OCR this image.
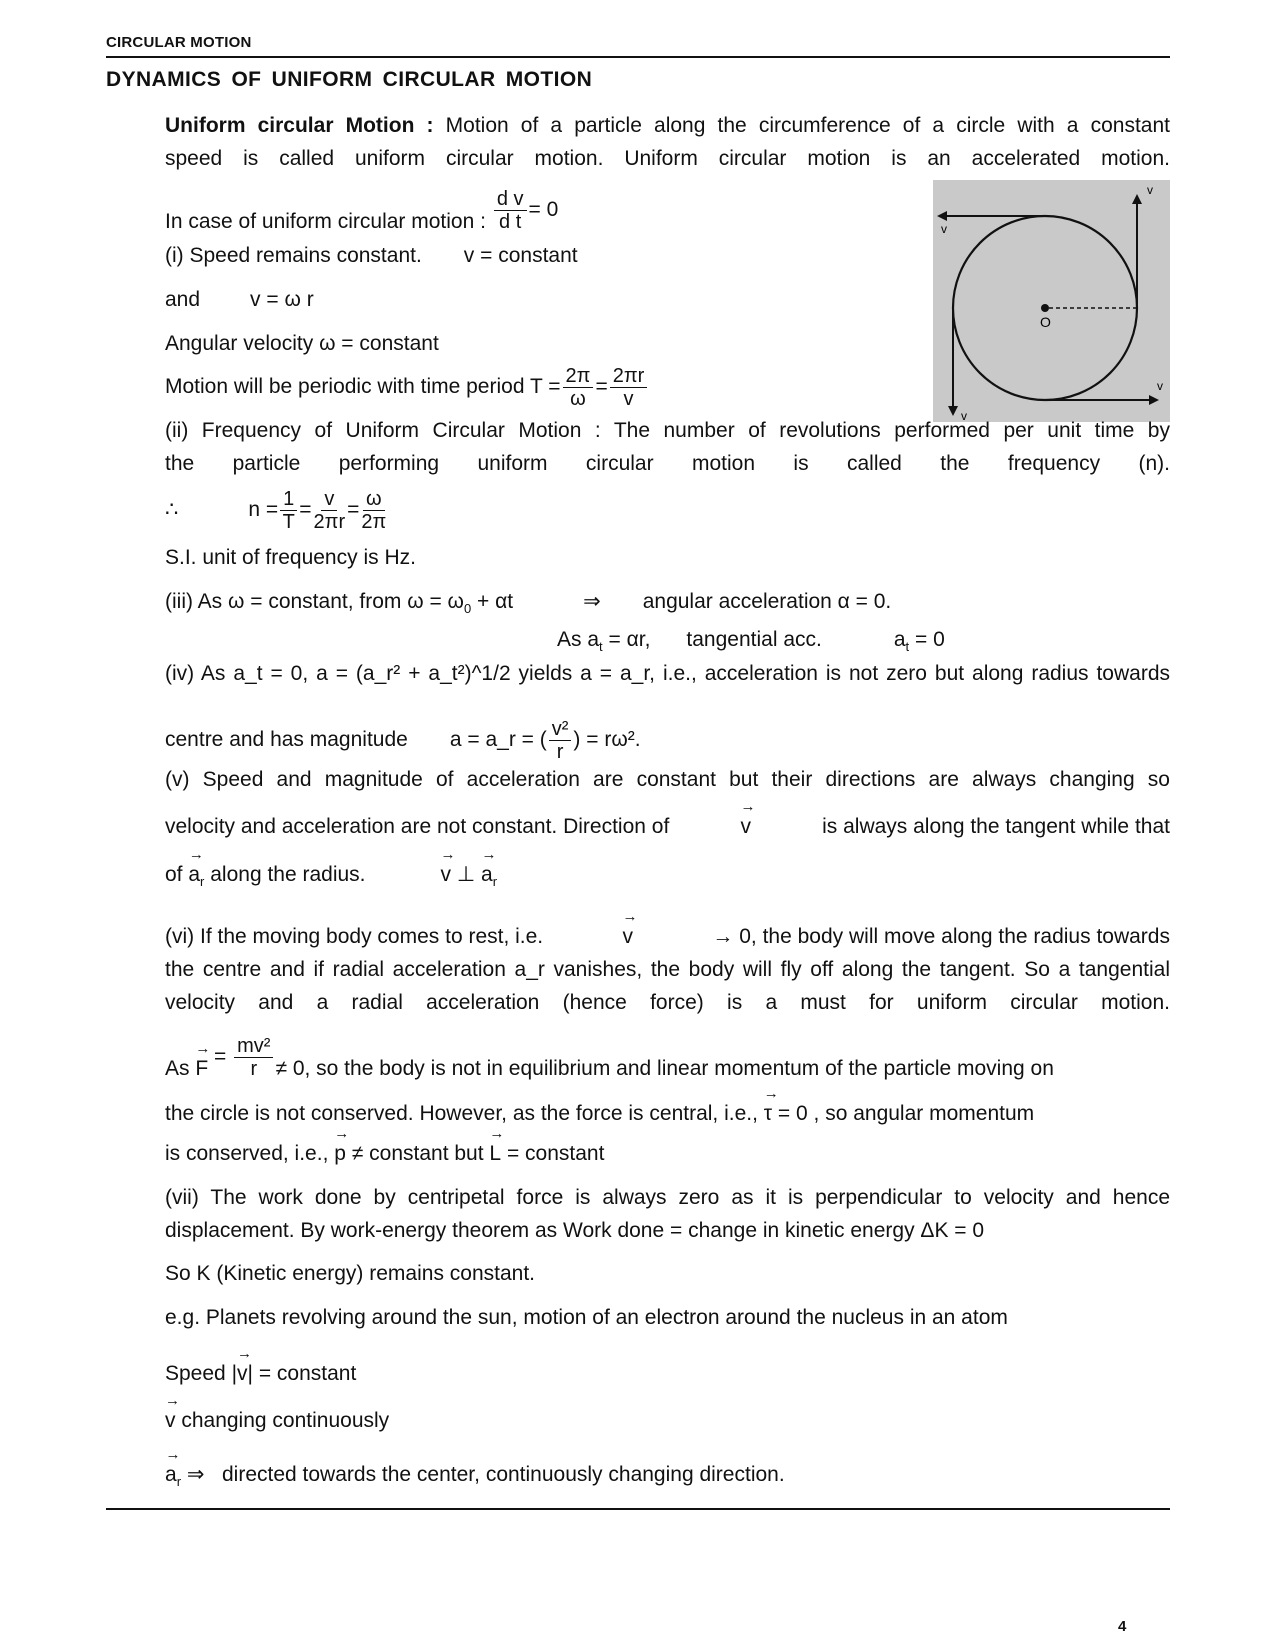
CIRCULAR MOTION
DYNAMICS OF UNIFORM CIRCULAR MOTION
Uniform circular Motion : Motion of a particle along the circumference of a circle with a constant
speed is called uniform circular motion. Uniform circular motion is an accelerated motion.
In case of uniform circular motion : $\frac{\text{d v}}{\text{d t}} = 0$
(i) Speed remains constant. v = constant
and v = ω r
Angular velocity ω = constant
Motion will be periodic with time period $T = \frac{2\pi}{\omega} = \frac{2\pi r}{v}$
O
v
v
v
v
(ii) Frequency of Uniform Circular Motion : The number of revolutions performed per unit time by
the particle performing uniform circular motion is called the frequency (n).
∴	$n = \frac{1}{T} = \frac{v}{2\pi r} = \frac{\omega}{2\pi}$
S.I. unit of frequency is Hz.
(iii) As ω = constant, from $\omega = \omega_0 + \alpha t$	⇒ angular acceleration α = 0.
As $a_t = \alpha r$, tangential acc.	$a_t = 0$
(iv) As a_t = 0, a = (a_r² + a_t²)^1/2 yields a = a_r, i.e., acceleration is not zero but along radius towards
centre and has magnitude a = a_r = ( $\frac{\text{v²}}{r}$ ) = rω².
(v) Speed and magnitude of acceleration are constant but their directions are always changing so
velocity and acceleration are not constant. Direction of	→ v	is always along the tangent while that
of → $a_r$ along the radius.	→ v ⊥ → $a_r$
(vi) If the moving body comes to rest, i.e.	→ v	→ 0, the body will move along the radius towards
the centre and if radial acceleration a_r vanishes, the body will fly off along the tangent. So a tangential
velocity and a radial acceleration (hence force) is a must for uniform circular motion.
$As \to F = \frac{\text{mv²}}{r} \ne 0$, so the body is not in equilibrium and linear momentum of the particle moving on
the circle is not conserved. However, as the force is central, i.e., → τ = 0 , so angular momentum
is conserved, i.e., → p ≠ constant but → L = constant
(vii) The work done by centripetal force is always zero as it is perpendicular to velocity and hence
displacement. By work-energy theorem as Work done = change in kinetic energy ΔK = 0
So K (Kinetic energy) remains constant.
e.g. Planets revolving around the sun, motion of an electron around the nucleus in an atom
Speed |→ v| = constant
→ v changing continuously
→ $a_r$ ⇒ directed towards the center, continuously changing direction.
4
